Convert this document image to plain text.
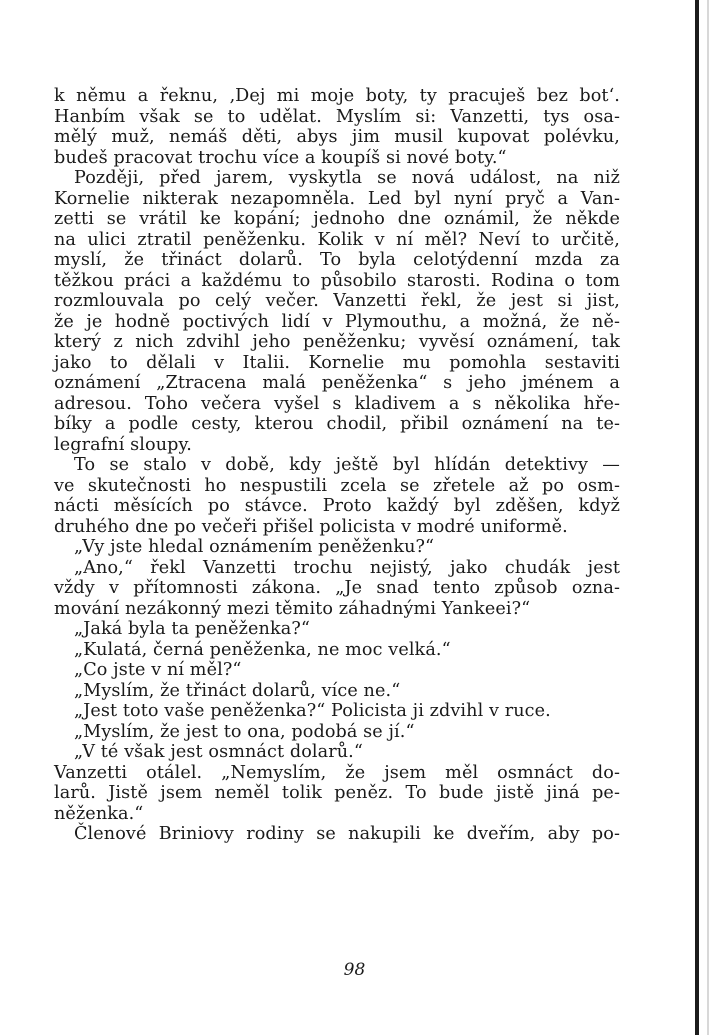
k němu a řeknu, ‚Dej mi moje boty, ty pracuješ bez bot‘.
Hanbím však se to udělat. Myslím si: Vanzetti, tys osa-
mělý muž, nemáš děti, abys jim musil kupovat polévku,
budeš pracovat trochu více a koupíš si nové boty.“
Později, před jarem, vyskytla se nová událost, na niž
Kornelie nikterak nezapomněla. Led byl nyní pryč a Van-
zetti se vrátil ke kopání; jednoho dne oznámil, že někde
na ulici ztratil peněženku. Kolik v ní měl? Neví to určitě,
myslí, že třináct dolarů. To byla celotýdenní mzda za
těžkou práci a každému to působilo starosti. Rodina o tom
rozmlouvala po celý večer. Vanzetti řekl, že jest si jist,
že je hodně poctivých lidí v Plymouthu, a možná, že ně-
který z nich zdvihl jeho peněženku; vyvěsí oznámení, tak
jako to dělali v Italii. Kornelie mu pomohla sestaviti
oznámení „Ztracena malá peněženka“ s jeho jménem a
adresou. Toho večera vyšel s kladivem a s několika hře-
bíky a podle cesty, kterou chodil, přibil oznámení na te-
legrafní sloupy.
To se stalo v době, kdy ještě byl hlídán detektivy —
ve skutečnosti ho nespustili zcela se zřetele až po osm-
nácti měsících po stávce. Proto každý byl zděšen, když
druhého dne po večeři přišel policista v modré uniformě.
„Vy jste hledal oznámením peněženku?“
„Ano,“ řekl Vanzetti trochu nejistý, jako chudák jest
vždy v přítomnosti zákona. „Je snad tento způsob ozna-
mování nezákonný mezi těmito záhadnými Yankeei?“
„Jaká byla ta peněženka?“
„Kulatá, černá peněženka, ne moc velká.“
„Co jste v ní měl?“
„Myslím, že třináct dolarů, více ne.“
„Jest toto vaše peněženka?“ Policista ji zdvihl v ruce.
„Myslím, že jest to ona, podobá se jí.“
„V té však jest osmnáct dolarů.“
Vanzetti otálel. „Nemyslím, že jsem měl osmnáct do-
larů. Jistě jsem neměl tolik peněz. To bude jistě jiná pe-
něženka.“
Členové Briniovy rodiny se nakupili ke dveřím, aby po-
98
